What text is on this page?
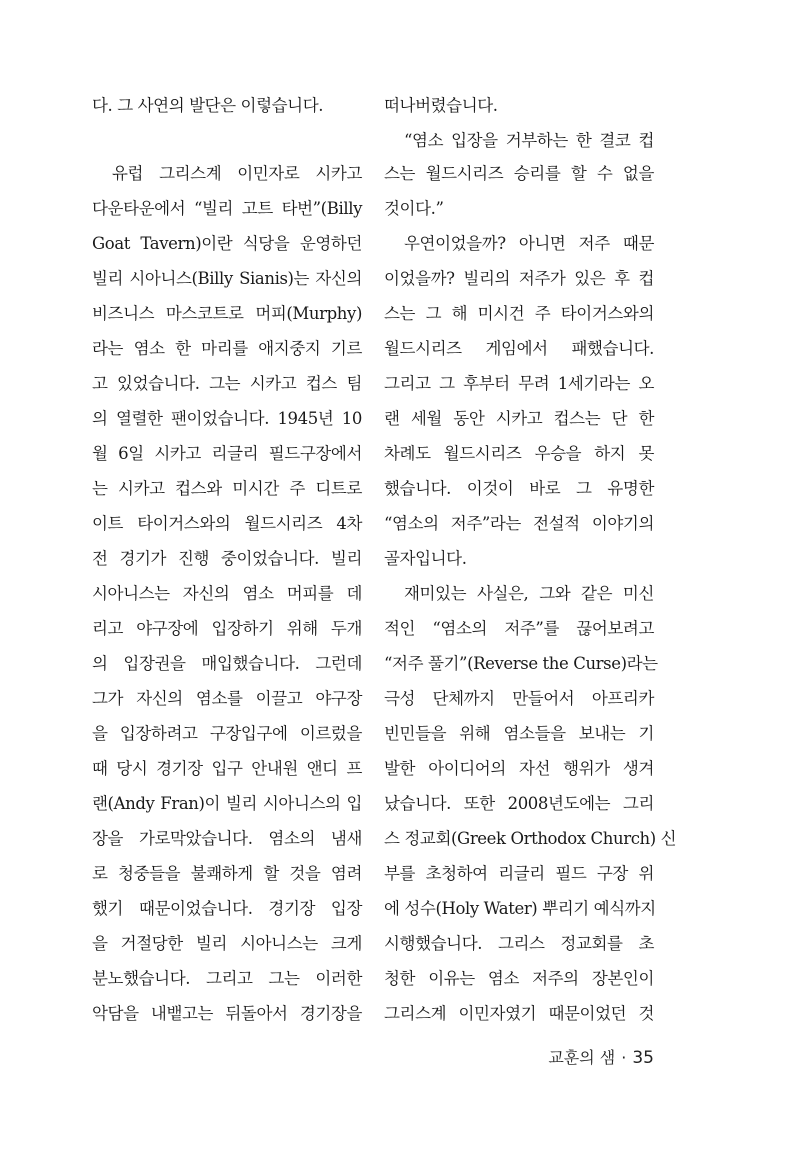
다. 그 사연의 발단은 이렇습니다.
유럽 그리스계 이민자로 시카고
다운타운에서 “빌리 고트 타번”(Billy
Goat Tavern)이란 식당을 운영하던
빌리 시아니스(Billy Sianis)는 자신의
비즈니스 마스코트로 머피(Murphy)
라는 염소 한 마리를 애지중지 기르
고 있었습니다. 그는 시카고 컵스 팀
의 열렬한 팬이었습니다. 1945년 10
월 6일 시카고 리글리 필드구장에서
는 시카고 컵스와 미시간 주 디트로
이트 타이거스와의 월드시리즈 4차
전 경기가 진행 중이었습니다. 빌리
시아니스는 자신의 염소 머피를 데
리고 야구장에 입장하기 위해 두개
의 입장권을 매입했습니다. 그런데
그가 자신의 염소를 이끌고 야구장
을 입장하려고 구장입구에 이르렀을
때 당시 경기장 입구 안내원 앤디 프
랜(Andy Fran)이 빌리 시아니스의 입
장을 가로막았습니다. 염소의 냄새
로 청중들을 불쾌하게 할 것을 염려
했기 때문이었습니다. 경기장 입장
을 거절당한 빌리 시아니스는 크게
분노했습니다. 그리고 그는 이러한
악담을 내뱉고는 뒤돌아서 경기장을
떠나버렸습니다.
“염소 입장을 거부하는 한 결코 컵
스는 월드시리즈 승리를 할 수 없을
것이다.”
우연이었을까? 아니면 저주 때문
이었을까? 빌리의 저주가 있은 후 컵
스는 그 해 미시건 주 타이거스와의
월드시리즈 게임에서 패했습니다.
그리고 그 후부터 무려 1세기라는 오
랜 세월 동안 시카고 컵스는 단 한
차례도 월드시리즈 우승을 하지 못
했습니다. 이것이 바로 그 유명한
“염소의 저주”라는 전설적 이야기의
골자입니다.
재미있는 사실은, 그와 같은 미신
적인 “염소의 저주”를 끊어보려고
“저주 풀기”(Reverse the Curse)라는
극성 단체까지 만들어서 아프리카
빈민들을 위해 염소들을 보내는 기
발한 아이디어의 자선 행위가 생겨
났습니다. 또한 2008년도에는 그리
스 정교회(Greek Orthodox Church) 신
부를 초청하여 리글리 필드 구장 위
에 성수(Holy Water) 뿌리기 예식까지
시행했습니다. 그리스 정교회를 초
청한 이유는 염소 저주의 장본인이
그리스계 이민자였기 때문이었던 것
교훈의 샘 · 35
